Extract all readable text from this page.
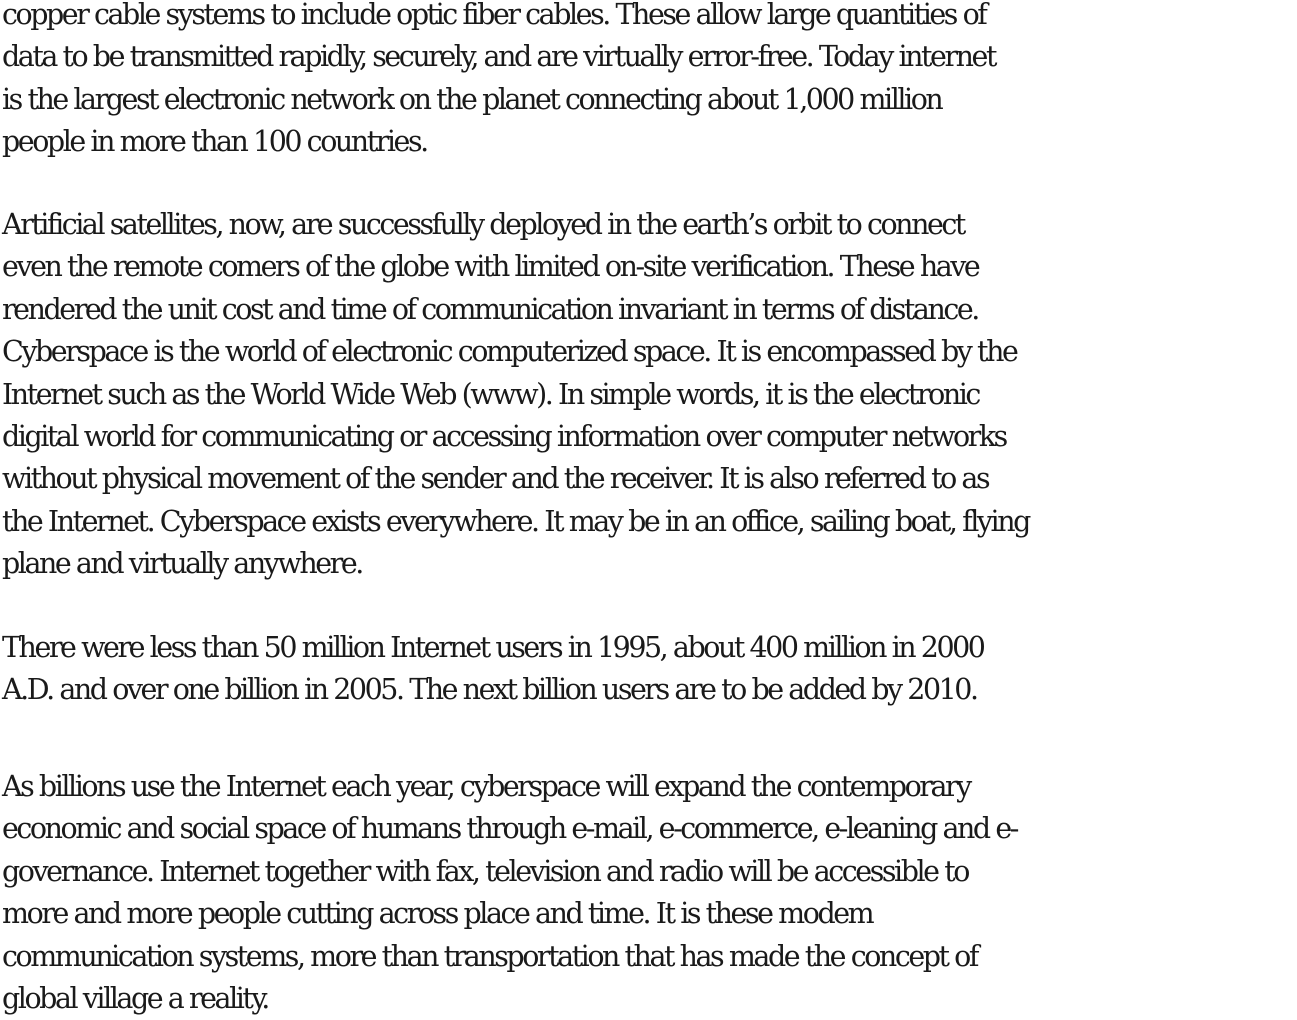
copper cable systems to include optic fiber cables. These allow large quantities of
data to be transmitted rapidly, securely, and are virtually error-free. Today internet
is the largest electronic network on the planet connecting about 1,000 million
people in more than 100 countries.
Artificial satellites, now, are successfully deployed in the earth’s orbit to connect
even the remote comers of the globe with limited on-site verification. These have
rendered the unit cost and time of communication invariant in terms of distance.
Cyberspace is the world of electronic computerized space. It is encompassed by the
Internet such as the World Wide Web (www). In simple words, it is the electronic
digital world for communicating or accessing information over computer networks
without physical movement of the sender and the receiver. It is also referred to as
the Internet. Cyberspace exists everywhere. It may be in an office, sailing boat, flying
plane and virtually anywhere.
There were less than 50 million Internet users in 1995, about 400 million in 2000
A.D. and over one billion in 2005. The next billion users are to be added by 2010.
As billions use the Internet each year, cyberspace will expand the contemporary
economic and social space of humans through e-mail, e-commerce, e-leaning and e-
governance. Internet together with fax, television and radio will be accessible to
more and more people cutting across place and time. It is these modem
communication systems, more than transportation that has made the concept of
global village a reality.
